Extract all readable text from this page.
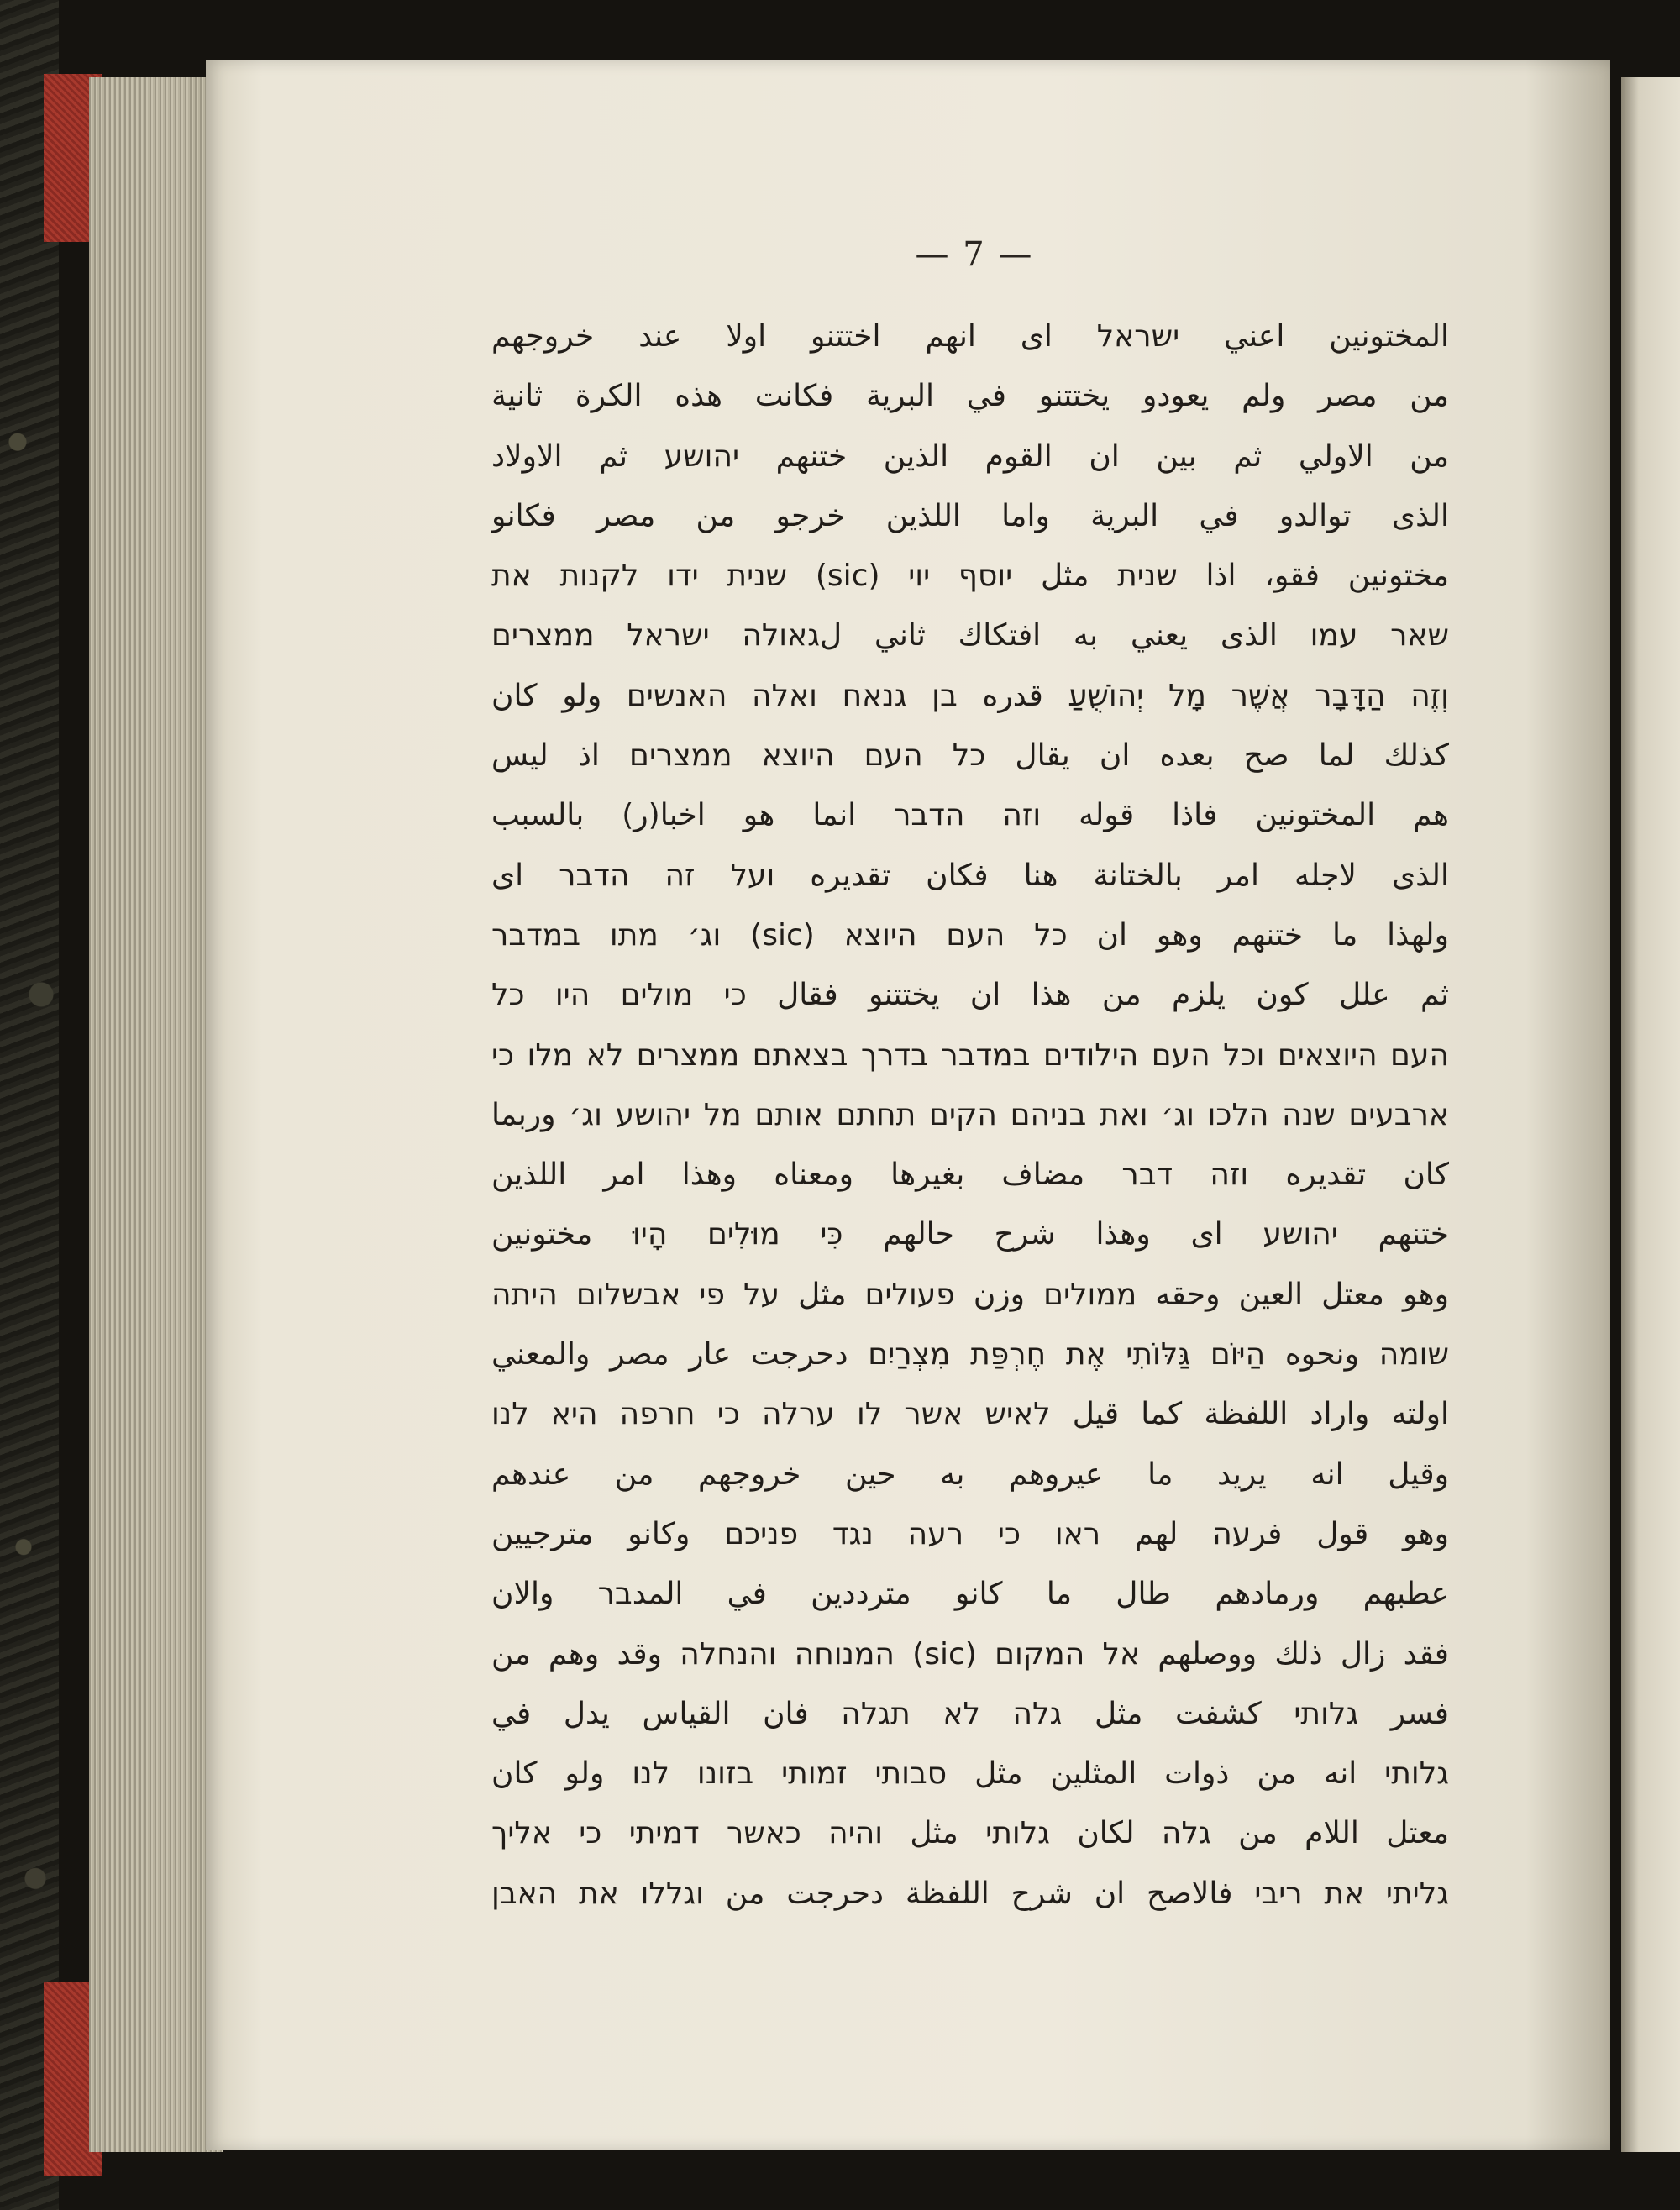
— 7 —
المختونين اعني ישראל اى انهم اختتنو اولا عند خروجهم
من مصر ولم يعودو يختتنو في البرية فكانت هذه الكرة ثانية
من الاولي ثم بين ان القوم الذين ختنهم יהושע ثم الاولاد
الذى توالدو في البرية واما اللذين خرجو من مصر فكانو
مختونين فقو، اذا שנית مثل יוסף יוי (sic) שנית ידו לקנות את
שאר עמו الذى يعني به افتكاك ثاني لגאולה ישראל ממצרים
וְזֶה הַדָּבָר אֲשֶׁר מָל יְהוֹשֻׁעַ قدره בן גנאח ואלה האנשים ولو كان
كذلك لما صح بعده ان يقال כל העם היוצא ממצרים اذ ليس
هم المختونين فاذا قوله וזה הדבר انما هو اخبا(ر) بالسبب
الذى لاجله امر بالختانة هنا فكان تقديره ועל זה הדבר اى
ولهذا ما ختنهم وهو ان כל העם היוצא (sic) וג׳ מתו במדבר
ثم علل كون يلزم من هذا ان يختتنو فقال כי מולים היו כל
העם היוצאים וכל העם הילודים במדבר בדרך בצאתם ממצרים לא מלו כי
ארבעים שנה הלכו וג׳ ואת בניהם הקים תחתם אותם מל יהושע וג׳ وربما
كان تقديره וזה דבר مضاف بغيرها ومعناه وهذا امر اللذين
ختنهم יהושע اى وهذا شرح حالهم כִּי מוּלִים הָיוּ مختونين
وهو معتل العين وحقه ממולים وزن פעולים مثل על פי אבשלום היתה
שומה ونحوه הַיּוֹם גַּלּוֹתִי אֶת חֶרְפַּת מִצְרַיִם دحرجت عار مصر والمعني
اولته واراد اللفظة كما قيل לאיש אשר לו ערלה כי חרפה היא לנו
وقيل انه يريد ما عيروهم به حين خروجهم من عندهم
وهو قول فرעה لهم ראו כי רעה נגד פניכם وكانو مترجيين
عطبهم ورمادهم طال ما كانو مترددين في المدבר والان
فقد زال ذلك ووصلهم אל המקום (sic) המנוחה והנחלה وقد وهم من
فسر גלותי كشفت مثل גלה לא תגלה فان القياس يدل في
גלותי انه من ذوات المثلين مثل סבותי זמותי בזונו לנו ولو كان
معتل اللام من גלה لكان גלותי مثل והיה כאשר דמיתי כי אליך
גליתי את ריבי فالاصح ان شرح اللفظة دحرجت من וגללו את האבן
